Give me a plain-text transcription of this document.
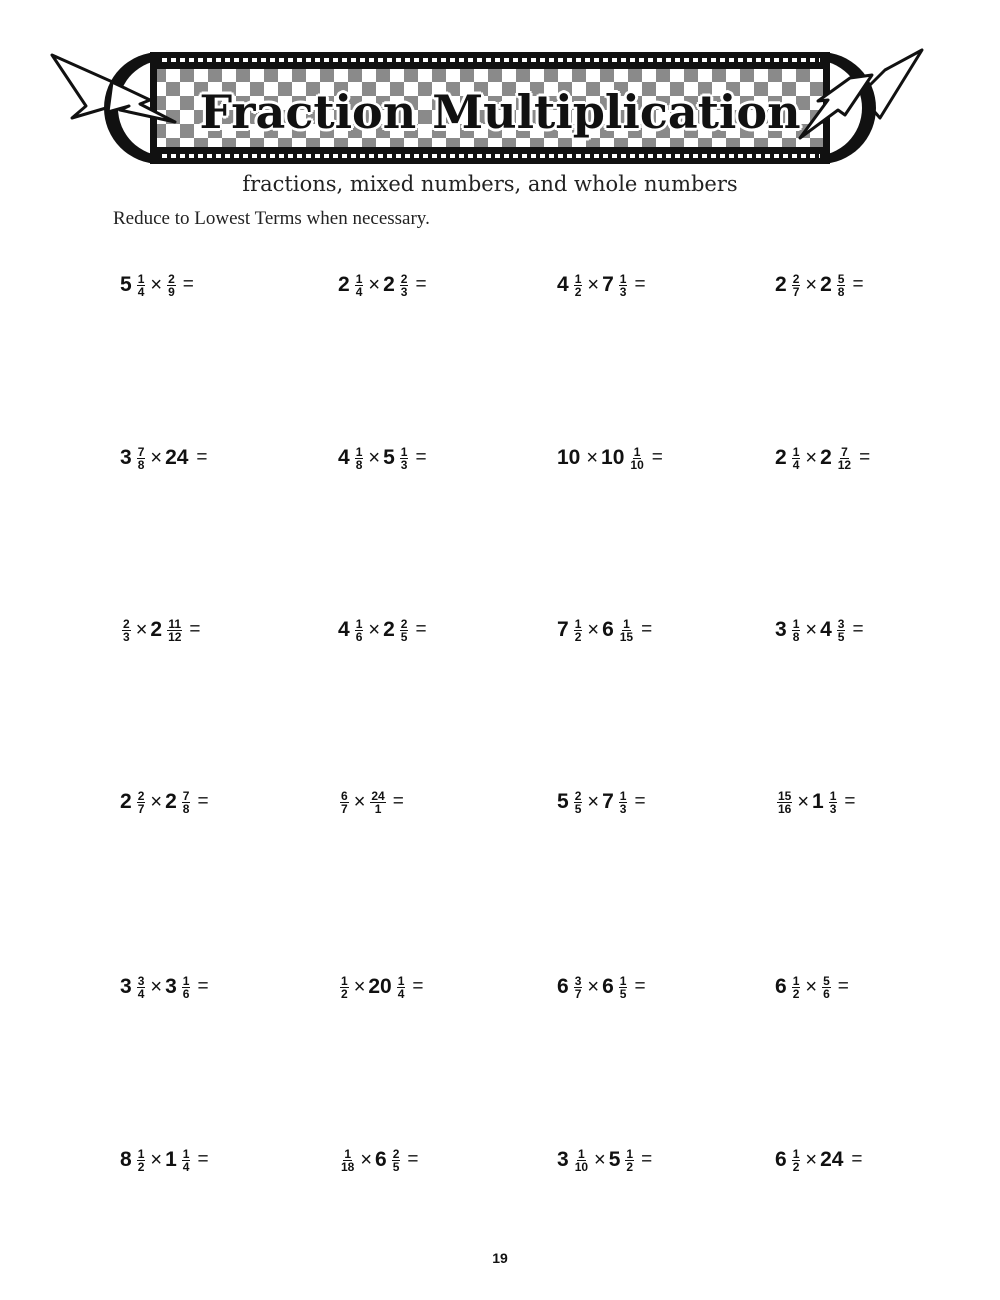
Fraction Multiplication
fractions, mixed numbers, and whole numbers
Reduce to Lowest Terms when necessary.
$5 \frac{1}{4} \times \frac{2}{9}$ =	$2 \frac{1}{4} \times 2 \frac{2}{3}$ =	$4 \frac{1}{2} \times 7 \frac{1}{3}$ =	$2 \frac{2}{7} \times 2 \frac{5}{8}$ =
$3 \frac{7}{8} \times 24$ =	$4 \frac{1}{8} \times 5 \frac{1}{3}$ =	$10 \times 10 \frac{1}{10}$ =	$2 \frac{1}{4} \times 2 \frac{7}{12}$ =
$\frac{2}{3} \times 2 \frac{11}{12}$ =	$4 \frac{1}{6} \times 2 \frac{2}{5}$ =	$7 \frac{1}{2} \times 6 \frac{1}{15}$ =	$3 \frac{1}{8} \times 4 \frac{3}{5}$ =
$2 \frac{2}{7} \times 2 \frac{7}{8}$ =	$\frac{6}{7} \times \frac{24}{1}$ =	$5 \frac{2}{5} \times 7 \frac{1}{3}$ =	$\frac{15}{16} \times 1 \frac{1}{3}$ =
$3 \frac{3}{4} \times 3 \frac{1}{6}$ =	$\frac{1}{2} \times 20 \frac{1}{4}$ =	$6 \frac{3}{7} \times 6 \frac{1}{5}$ =	$6 \frac{1}{2} \times \frac{5}{6}$ =
$8 \frac{1}{2} \times 1 \frac{1}{4}$ =	$\frac{1}{18} \times 6 \frac{2}{5}$ =	$3 \frac{1}{10} \times 5 \frac{1}{2}$ =	$6 \frac{1}{2} \times 24$ =
19
